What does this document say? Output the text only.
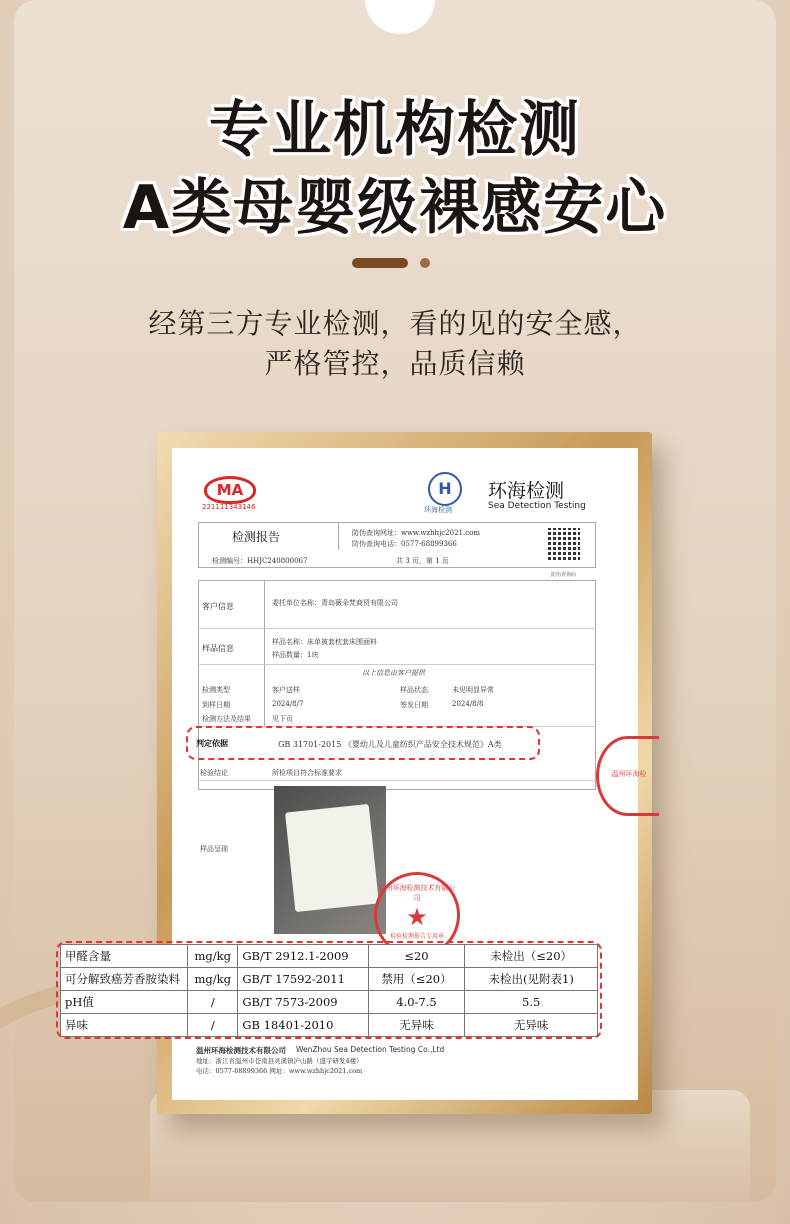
专业机构检测
A类母婴级裸感安心
经第三方专业检测，看的见的安全感，
严格管控，品质信赖
MA
221111343146
H
环海检测
环海检测
Sea Detection Testing
检测报告	防伪查询网址：www.wzhhjc2021.com
防伪查询电话：0577-68899366
检测编号：HHJC240800067	共 3 页，第 1 页
防伪查询码
客户信息	委托单位名称：青岛薇朵梵商贸有限公司
样品信息
样品名称：床单被套枕套床围面料
样品数量：1块
以上信息由客户提供
检测类型	客户送样	样品状态	未见明显异常
到样日期	2024/8/7	签发日期	2024/8/8
检测方法及结果	见下页
判定依据	GB 31701-2015 《婴幼儿及儿童纺织产品安全技术规范》A类
检验结论	所检项目符合标准要求
样品呈现
温州环海检测技术有限公司
★
检验检测报告专用章
温州环海检
甲醛含量	mg/kg	GB/T 2912.1-2009	≤20	未检出（≤20）
可分解致癌芳香胺染料	mg/kg	GB/T 17592-2011	禁用（≤20）	未检出(见附表1)
pH值	/	GB/T 7573-2009	4.0-7.5	5.5
异味	/	GB 18401-2010	无异味	无异味
温州环海检测技术有限公司 WenZhou Sea Detection Testing Co.,Ltd
地址：浙江省温州市苍南县灵溪镇沪山路（盛宇研发4楼）
电话：0577-68899366 网址：www.wzhhjc2021.com
